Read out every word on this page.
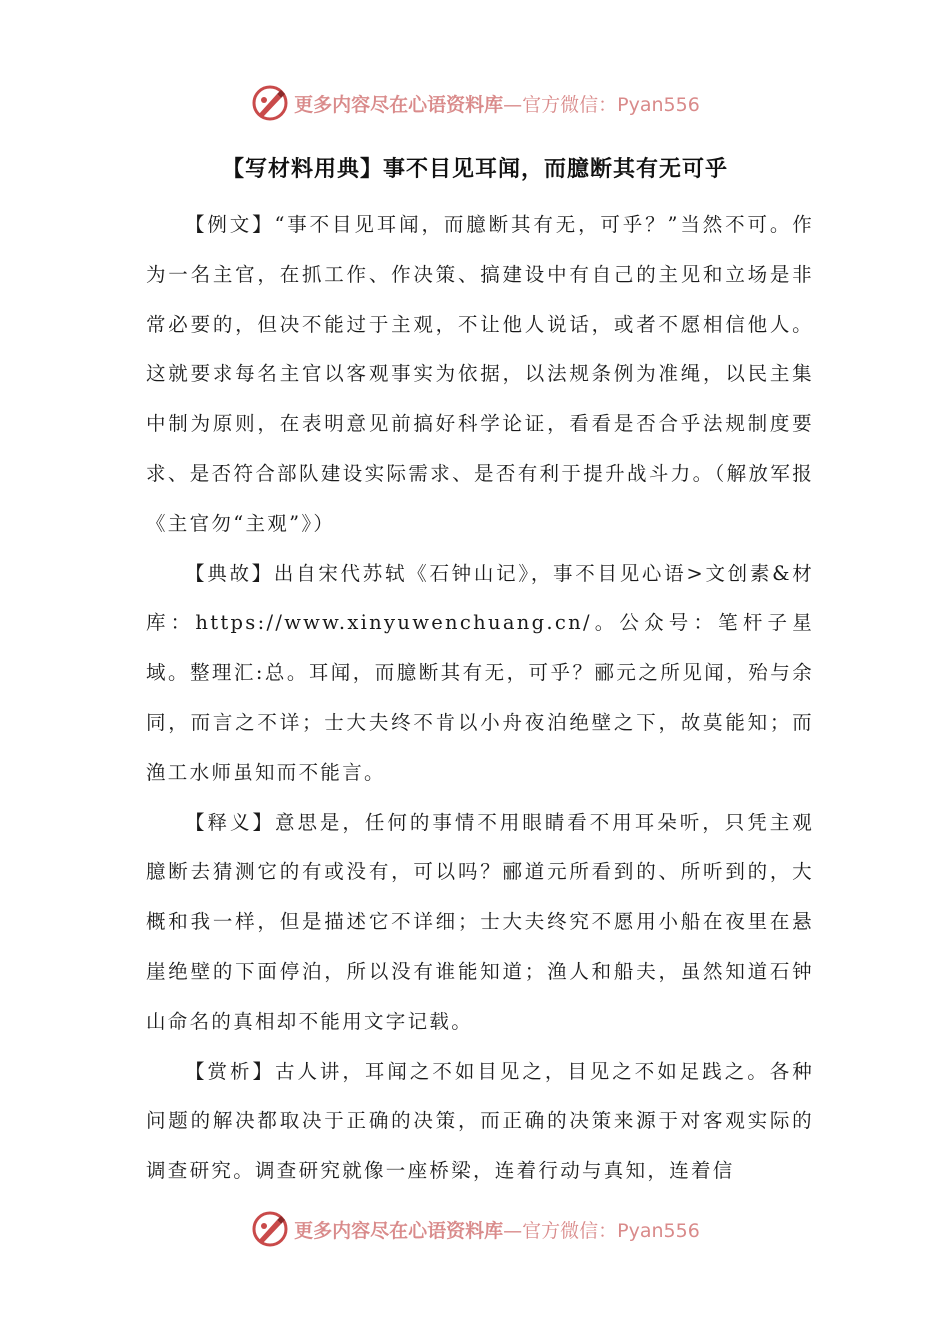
更多内容尽在心语资料库 —官方微信：Pyan556
【写材料用典】事不目见耳闻，而臆断其有无可乎

【例文】“事不目见耳闻，而臆断其有无，可乎？”当然不可。作为一名主官，在抓工作、作决策、搞建设中有自己的主见和立场是非常必要的，但决不能过于主观，不让他人说话，或者不愿相信他人。这就要求每名主官以客观事实为依据，以法规条例为准绳，以民主集中制为原则，在表明意见前搞好科学论证，看看是否合乎法规制度要求、是否符合部队建设实际需求、是否有利于提升战斗力。（解放军报《主官勿“主观”》）

【典故】出自宋代苏轼《石钟山记》，事不目见心语>文创素&材库：https://www.xinyuwenchuang.cn/。公众号：笔杆子星域。整理汇:总。耳闻，而臆断其有无，可乎？郦元之所见闻，殆与余同，而言之不详；士大夫终不肯以小舟夜泊绝壁之下，故莫能知；而渔工水师虽知而不能言。

【释义】意思是，任何的事情不用眼睛看不用耳朵听，只凭主观臆断去猜测它的有或没有，可以吗？郦道元所看到的、所听到的，大概和我一样，但是描述它不详细；士大夫终究不愿用小船在夜里在悬崖绝壁的下面停泊，所以没有谁能知道；渔人和船夫，虽然知道石钟山命名的真相却不能用文字记载。

【赏析】古人讲，耳闻之不如目见之，目见之不如足践之。各种问题的解决都取决于正确的决策，而正确的决策来源于对客观实际的调查研究。调查研究就像一座桥梁，连着行动与真知，连着信

更多内容尽在心语资料库 —官方微信：Pyan556
